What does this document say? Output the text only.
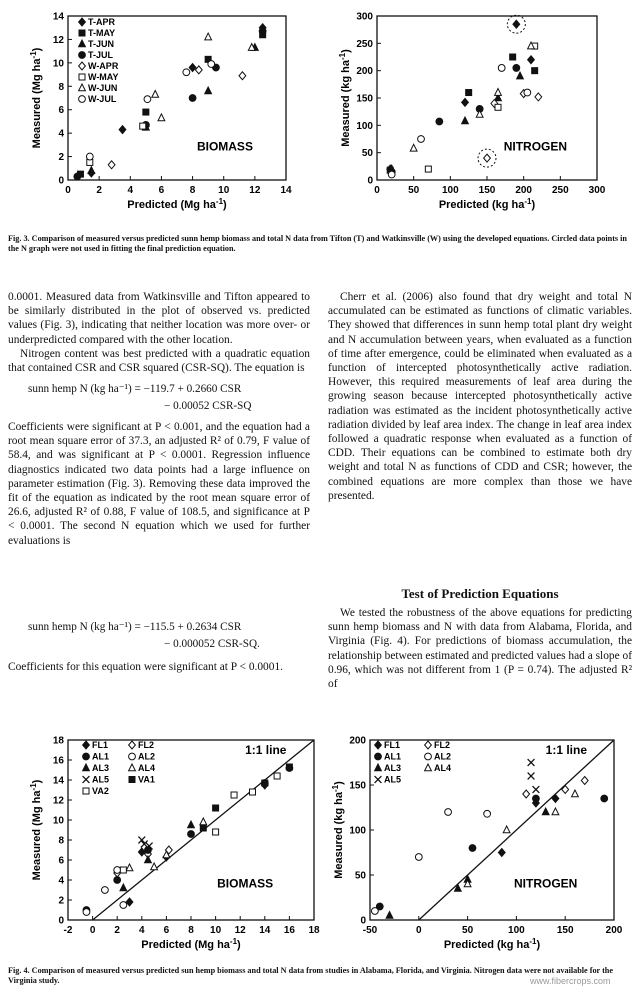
0	2	4	6	8 10 12 14
0
2
4
6
8
10
12
14
Predicted (Mg $ha^{-1}$)
Measured (Mg $ha^{-1}$)
BIOMASS
T-APR
T-MAY
T-JUN
T-JUL
W-APR
W-MAY
W-JUN
W-JUL
0	50 100 150 200 250 300
0
50
100
150
200
250
300
Predicted (kg $ha^{-1}$)
Measured (kg $ha^{-1}$)
NITROGEN
Fig. 3. Comparison of measured versus predicted sunn hemp biomass and total N data from Tifton (T) and Watkinsville (W) using the developed equations. Circled data points in the N graph were not used in fitting the final prediction equation.

0.0001. Measured data from Watkinsville and Tifton appeared to be similarly distributed in the plot of observed vs. predicted values (Fig. 3), indicating that neither location was more over- or underpredicted compared with the other location.

Nitrogen content was best predicted with a quadratic equation that contained CSR and CSR squared (CSR-SQ). The equation is

sunn hemp N (kg ha⁻¹) = −119.7 + 0.2660 CSR
− 0.00052 CSR-SQ

Coefficients were significant at P < 0.001, and the equation had a root mean square error of 37.3, an adjusted R² of 0.79, F value of 58.4, and was significant at P < 0.0001. Regression influence diagnostics indicated two data points had a large influence on parameter estimation (Fig. 3). Removing these data improved the fit of the equation as indicated by the root mean square error of 26.6, adjusted R² of 0.88, F value of 108.5, and significance at P < 0.0001. The second N equation which we used for further evaluations is

sunn hemp N (kg ha⁻¹) = −115.5 + 0.2634 CSR
− 0.000052 CSR-SQ.

Coefficients for this equation were significant at P < 0.0001.

Cherr et al. (2006) also found that dry weight and total N accumulated can be estimated as functions of climatic variables. They showed that differences in sunn hemp total plant dry weight and N accumulation between years, when evaluated as a function of time after emergence, could be eliminated when evaluated as a function of intercepted photosynthetically active radiation. However, this required measurements of leaf area during the growing season because intercepted photosynthetically active radiation was estimated as the incident photosynthetically active radiation divided by leaf area index. The change in leaf area index followed a quadratic response when evaluated as a function of CDD. Their equations can be combined to estimate both dry weight and total N as functions of CDD and CSR; however, the combined equations are more complex than those we have presented.

Test of Prediction Equations

We tested the robustness of the above equations for predicting sunn hemp biomass and N with data from Alabama, Florida, and Virginia (Fig. 4). For predictions of biomass accumulation, the relationship between estimated and predicted values had a slope of 0.96, which was not different from 1 (P = 0.74). The adjusted R² of

-2 0 2 4 6 8 10 12 14 16 18
0
2
4
6
8
10
12
14
16
18
Predicted (Mg $ha^{-1}$)
Measured (Mg $ha^{-1}$)
1:1 line
BIOMASS
FL1	FL2
AL1	AL2
AL3	AL4
AL5	VA1
VA2
-50	0	50	100	150	200
0
50
100
150
200
Predicted (kg $ha^{-1}$)
Measured (kg $ha^{-1}$)
1:1 line
NITROGEN
FL1	FL2
AL1	AL2
AL3	AL4
AL5
Fig. 4. Comparison of measured versus predicted sun hemp biomass and total N data from studies in Alabama, Florida, and Virginia. Nitrogen data were not available for the Virginia study.	www.fibercrops.com
